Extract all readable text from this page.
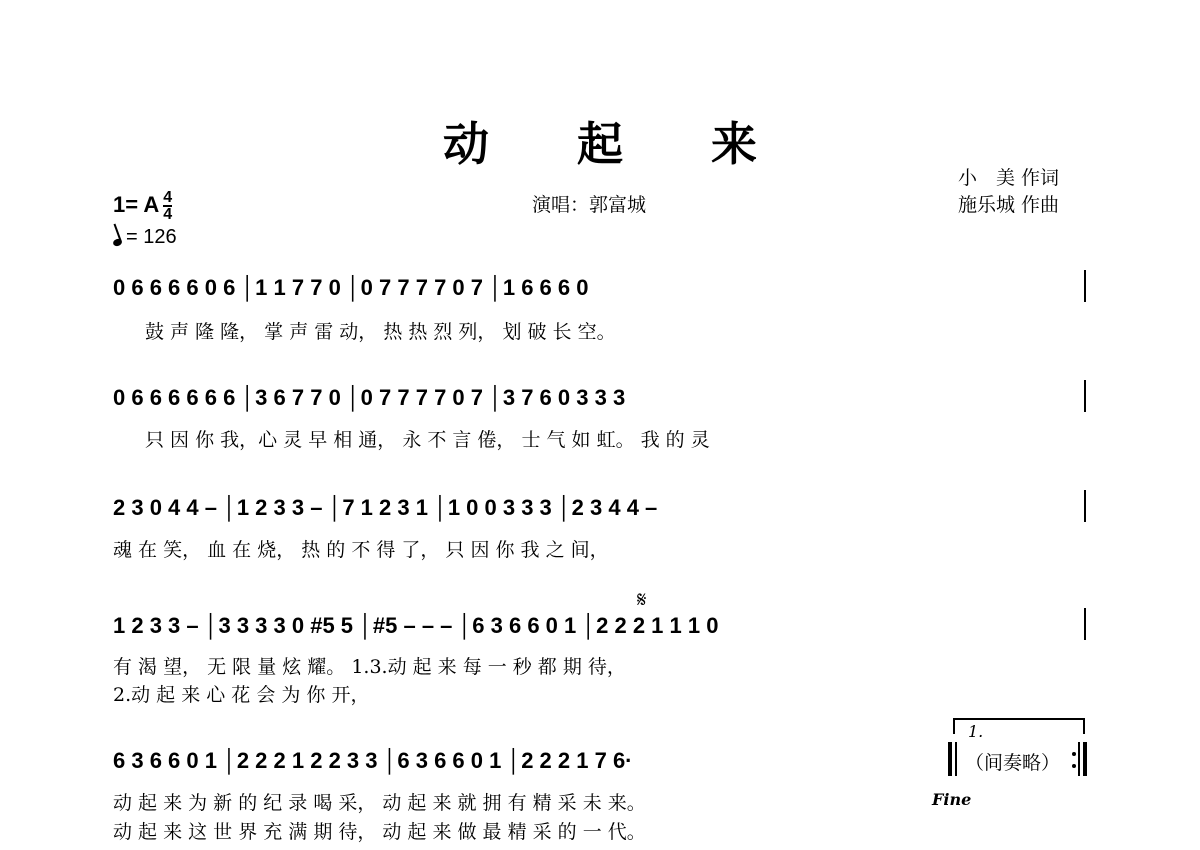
动 起 来
小　美 作词
施乐城 作曲
演唱：郭富城
1= A $\frac{4}{4}$
= 126
0 6 6 6 6 0 6 │1 1 7 7 0 │0 7 7 7 7 0 7 │1 6 6 6 0
鼓 声 隆 隆， 掌 声 雷 动， 热 热 烈 列， 划 破 长 空。
0 6 6 6 6 6 6 │3 6 7 7 0 │0 7 7 7 7 0 7 │3 7 6 0 3 3 3
只 因 你 我，心 灵 早 相 通， 永 不 言 倦， 士 气 如 虹。 我 的 灵
2 3 0 4 4 – │1 2 3 3 – │7 1 2 3 1 │1 0 0 3 3 3 │2 3 4 4 –
魂 在 笑， 血 在 烧， 热 的 不 得 了， 只 因 你 我 之 间，
𝄋
1 2 3 3 – │3 3 3 3 0 #5 5 │#5 – – – │6 3 6 6 0 1 │2 2 2 1 1 1 0
有 渴 望， 无 限 量 炫 耀。 1.3.动 起 来 每 一 秒 都 期 待，
2.动 起 来 心 花 会 为 你 开，
1.
6 3 6 6 0 1 │2 2 2 1 2 2 3 3 │6 3 6 6 0 1 │2 2 2 1 7 6·	（间奏略）
动 起 来 为 新 的 纪 录 喝 采， 动 起 来 就 拥 有 精 采 未 来。	Fine
动 起 来 这 世 界 充 满 期 待， 动 起 来 做 最 精 采 的 一 代。
